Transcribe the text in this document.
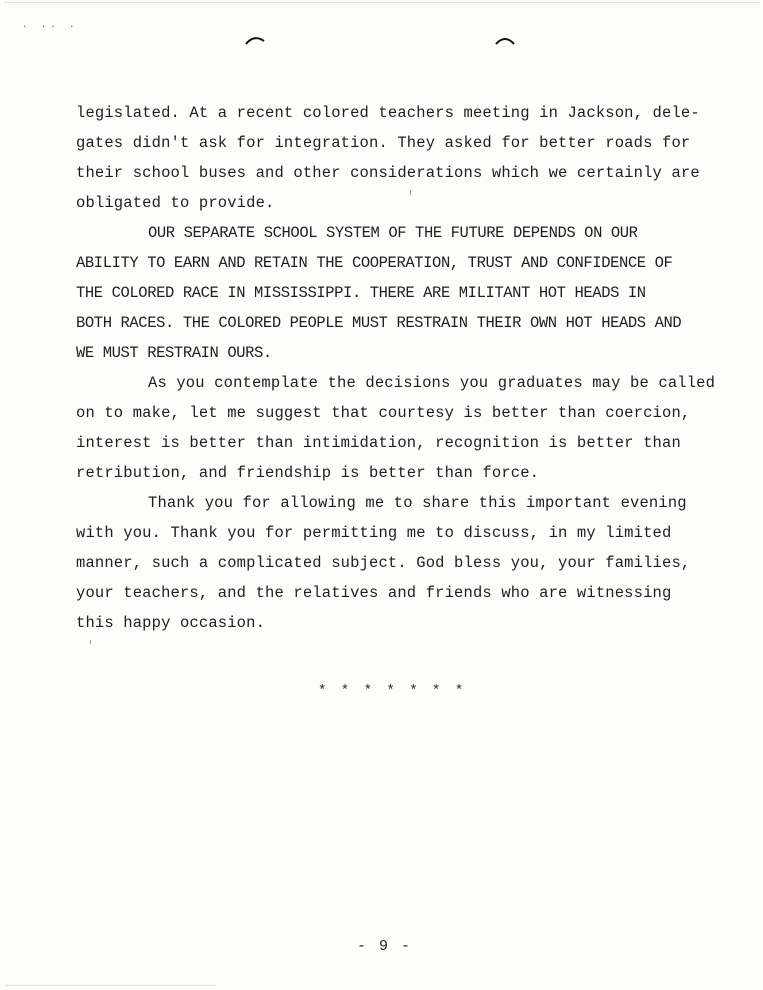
. .. .

legislated. At a recent colored teachers meeting in Jackson, dele-
gates didn't ask for integration. They asked for better roads for
their school buses and other considerations which we certainly are
obligated to provide.

OUR SEPARATE SCHOOL SYSTEM OF THE FUTURE DEPENDS ON OUR
ABILITY TO EARN AND RETAIN THE COOPERATION, TRUST AND CONFIDENCE OF
THE COLORED RACE IN MISSISSIPPI. THERE ARE MILITANT HOT HEADS IN
BOTH RACES. THE COLORED PEOPLE MUST RESTRAIN THEIR OWN HOT HEADS AND
WE MUST RESTRAIN OURS.

As you contemplate the decisions you graduates may be called
on to make, let me suggest that courtesy is better than coercion,
interest is better than intimidation, recognition is better than
retribution, and friendship is better than force.

Thank you for allowing me to share this important evening
with you. Thank you for permitting me to discuss, in my limited
manner, such a complicated subject. God bless you, your families,
your teachers, and the relatives and friends who are witnessing
this happy occasion.

* * * * * * *
- 9 -
